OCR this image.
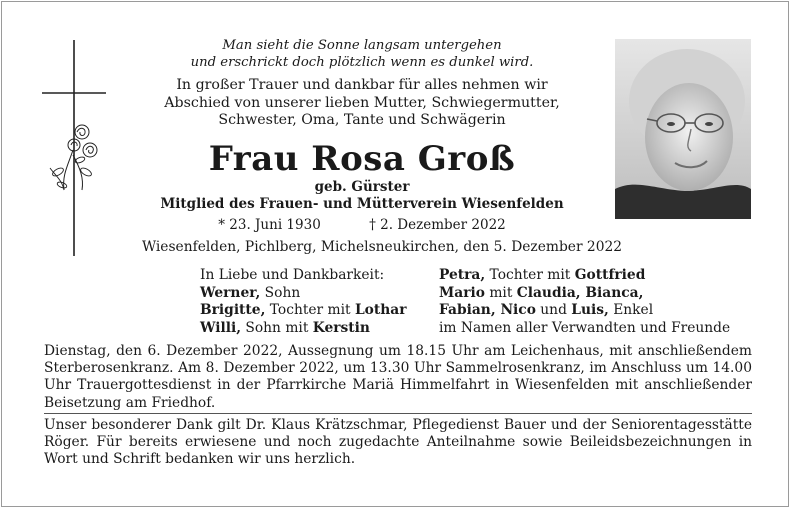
Man sieht die Sonne langsam untergehen
und erschrickt doch plötzlich wenn es dunkel wird.
In großer Trauer und dankbar für alles nehmen wir
Abschied von unserer lieben Mutter, Schwiegermutter,
Schwester, Oma, Tante und Schwägerin
Frau Rosa Groß
geb. Gürster
Mitglied des Frauen- und Mütterverein Wiesenfelden
* 23. Juni 1930	† 2. Dezember 2022
Wiesenfelden, Pichlberg, Michelsneukirchen, den 5. Dezember 2022
In Liebe und Dankbarkeit:
Werner, Sohn
Brigitte, Tochter mit Lothar
Willi, Sohn mit Kerstin
Petra, Tochter mit Gottfried
Mario mit Claudia, Bianca,
Fabian, Nico und Luis, Enkel
im Namen aller Verwandten und Freunde
Dienstag, den 6. Dezember 2022, Aussegnung um 18.15 Uhr am Leichenhaus, mit anschließendem Sterberosenkranz. Am 8. Dezember 2022, um 13.30 Uhr Sammelrosenkranz, im Anschluss um 14.00 Uhr Trauergottesdienst in der Pfarrkirche Mariä Himmelfahrt in Wiesenfelden mit anschließender Beisetzung am Friedhof.
Unser besonderer Dank gilt Dr. Klaus Krätzschmar, Pflegedienst Bauer und der Seniorentagesstätte Röger. Für bereits erwiesene und noch zugedachte Anteilnahme sowie Beileidsbezeichnungen in Wort und Schrift bedanken wir uns herzlich.
